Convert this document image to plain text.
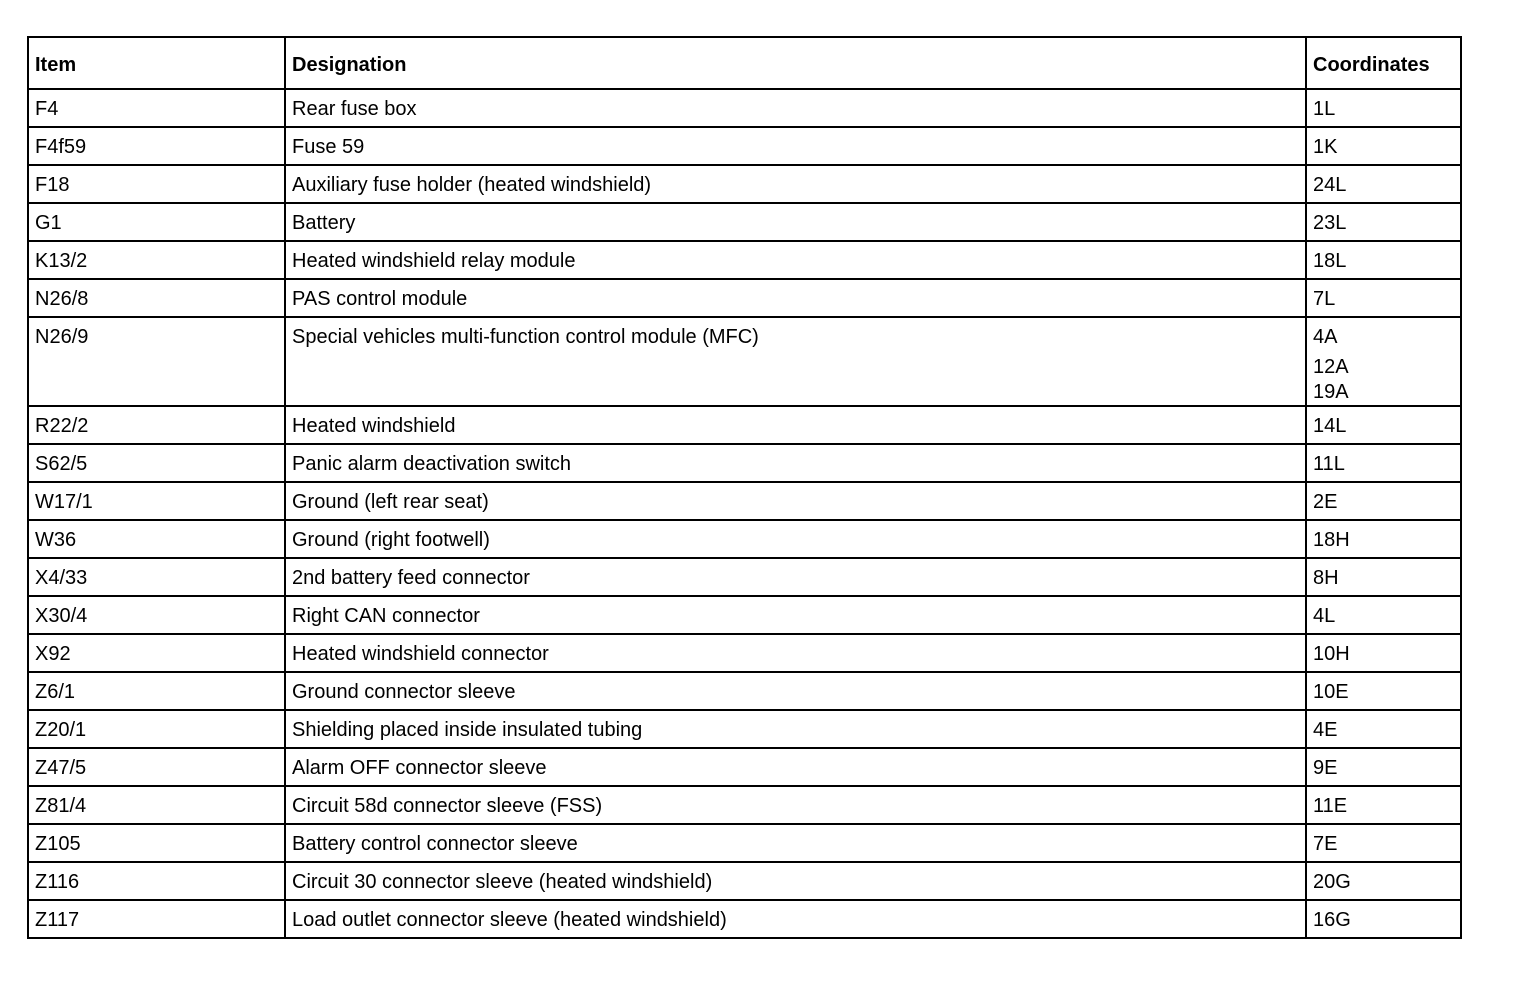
Item	Designation	Coordinates
F4	Rear fuse box	1L

F4f59	Fuse 59	1K

F18	Auxiliary fuse holder (heated windshield)	24L

G1	Battery	23L

K13/2	Heated windshield relay module	18L

N26/8	PAS control module	7L

N26/9	Special vehicles multi-function control module (MFC)	4A
12A
19A

R22/2	Heated windshield	14L

S62/5	Panic alarm deactivation switch	11L

W17/1	Ground (left rear seat)	2E

W36	Ground (right footwell)	18H

X4/33	2nd battery feed connector	8H

X30/4	Right CAN connector	4L

X92	Heated windshield connector	10H

Z6/1	Ground connector sleeve	10E

Z20/1	Shielding placed inside insulated tubing	4E

Z47/5	Alarm OFF connector sleeve	9E

Z81/4	Circuit 58d connector sleeve (FSS)	11E

Z105	Battery control connector sleeve	7E

Z116	Circuit 30 connector sleeve (heated windshield)	20G

Z117	Load outlet connector sleeve (heated windshield)	16G
